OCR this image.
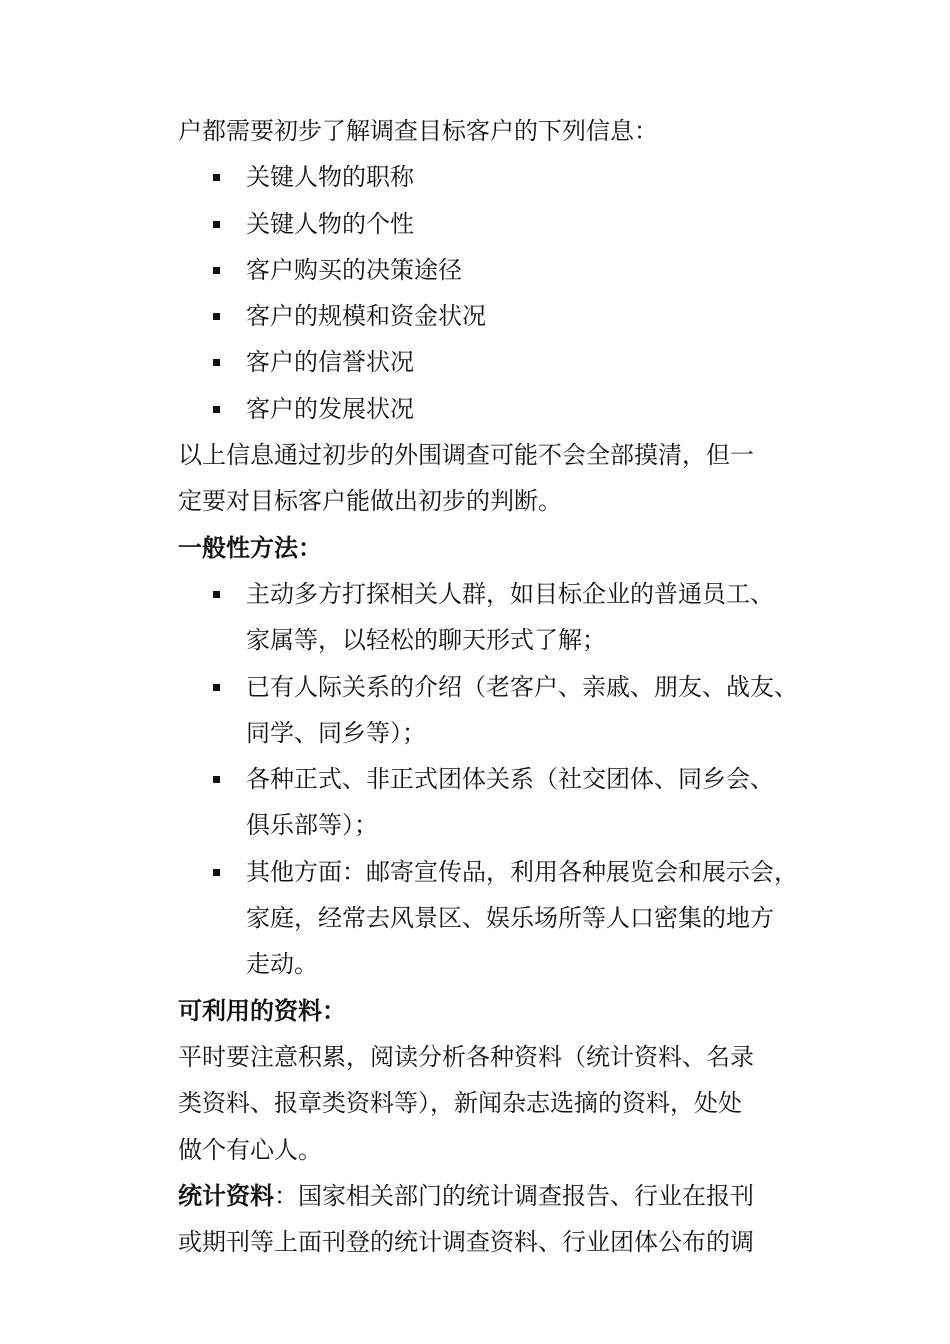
户都需要初步了解调查目标客户的下列信息：

关键人物的职称
关键人物的个性
客户购买的决策途径
客户的规模和资金状况
客户的信誉状况
客户的发展状况

以上信息通过初步的外围调查可能不会全部摸清，但一
定要对目标客户能做出初步的判断。

一般性方法：

主动多方打探相关人群，如目标企业的普通员工、
家属等，以轻松的聊天形式了解；
已有人际关系的介绍（老客户、亲戚、朋友、战友、
同学、同乡等）；
各种正式、非正式团体关系（社交团体、同乡会、
俱乐部等）；
其他方面：邮寄宣传品，利用各种展览会和展示会，
家庭，经常去风景区、娱乐场所等人口密集的地方
走动。

可利用的资料：

平时要注意积累，阅读分析各种资料（统计资料、名录
类资料、报章类资料等），新闻杂志选摘的资料，处处
做个有心人。

统计资料：国家相关部门的统计调查报告、行业在报刊
或期刊等上面刊登的统计调查资料、行业团体公布的调
